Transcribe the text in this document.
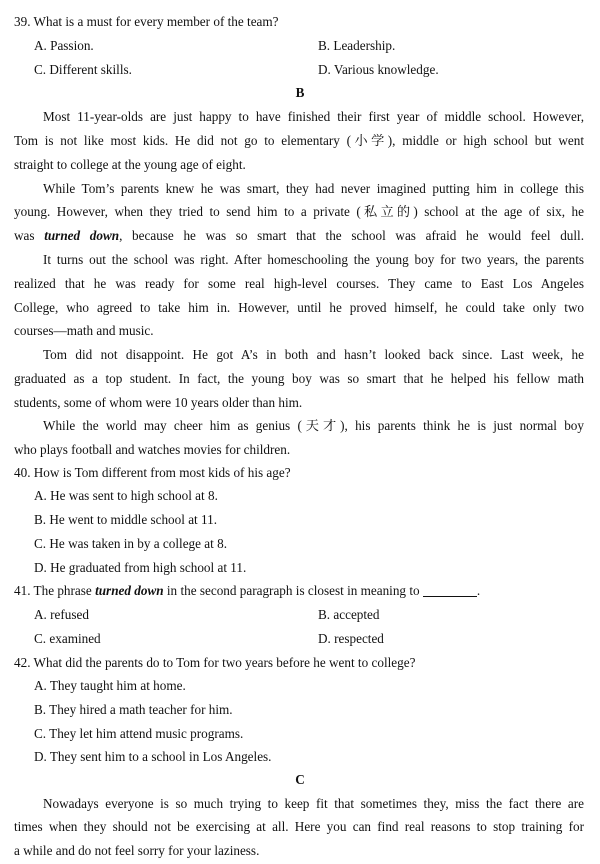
39. What is a must for every member of the team?
A. Passion.	B. Leadership.
C. Different skills.	D. Various knowledge.
B
Most 11-year-olds are just happy to have finished their first year of middle school. However,
Tom is not like most kids. He did not go to elementary (小学), middle or high school but went
straight to college at the young age of eight.
While Tom’s parents knew he was smart, they had never imagined putting him in college this
young. However, when they tried to send him to a private (私立的) school at the age of six, he
was turned down, because he was so smart that the school was afraid he would feel dull.
It turns out the school was right. After homeschooling the young boy for two years, the parents
realized that he was ready for some real high-level courses. They came to East Los Angeles
College, who agreed to take him in. However, until he proved himself, he could take only two
courses—math and music.
Tom did not disappoint. He got A’s in both and hasn’t looked back since. Last week, he
graduated as a top student. In fact, the young boy was so smart that he helped his fellow math
students, some of whom were 10 years older than him.
While the world may cheer him as genius (天才), his parents think he is just normal boy
who plays football and watches movies for children.
40. How is Tom different from most kids of his age?
A. He was sent to high school at 8.
B. He went to middle school at 11.
C. He was taken in by a college at 8.
D. He graduated from high school at 11.
41. The phrase turned down in the second paragraph is closest in meaning to	.
A. refused	B. accepted
C. examined	D. respected
42. What did the parents do to Tom for two years before he went to college?
A. They taught him at home.
B. They hired a math teacher for him.
C. They let him attend music programs.
D. They sent him to a school in Los Angeles.
C
Nowadays everyone is so much trying to keep fit that sometimes they, miss the fact there are
times when they should not be exercising at all. Here you can find real reasons to stop training for
a while and do not feel sorry for your laziness.
